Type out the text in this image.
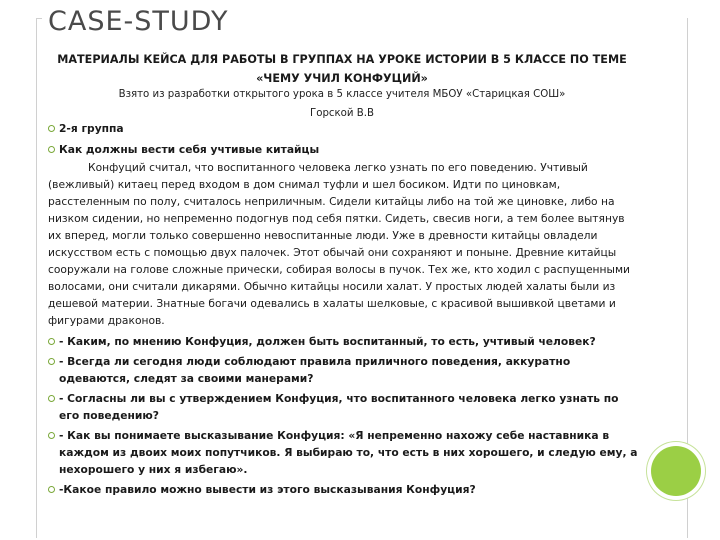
CASE-STUDY
МАТЕРИАЛЫ КЕЙСА ДЛЯ РАБОТЫ В ГРУППАХ НА УРОКЕ ИСТОРИИ В 5 КЛАССЕ ПО ТЕМЕ «ЧЕМУ УЧИЛ КОНФУЦИЙ»
Взято из разработки открытого урока в 5 классе учителя МБОУ «Старицкая СОШ»
Горской В.В
2-я группа
Как должны вести себя учтивые китайцы

Конфуций считал, что воспитанного человека легко узнать по его поведению. Учтивый (вежливый) китаец перед входом в дом снимал туфли и шел босиком. Идти по циновкам, расстеленным по полу, считалось неприличным. Сидели китайцы либо на той же циновке, либо на низком сидении, но непременно подогнув под себя пятки. Сидеть, свесив ноги, а тем более вытянув их вперед, могли только совершенно невоспитанные люди. Уже в древности китайцы овладели искусством есть с помощью двух палочек. Этот обычай они сохраняют и поныне. Древние китайцы сооружали на голове сложные прически, собирая волосы в пучок. Тех же, кто ходил с распущенными волосами, они считали дикарями. Обычно китайцы носили халат. У простых людей халаты были из дешевой материи. Знатные богачи одевались в халаты шелковые, с красивой вышивкой цветами и фигурами драконов.

- Каким, по мнению Конфуция, должен быть воспитанный, то есть, учтивый человек?
- Всегда ли сегодня люди соблюдают правила приличного поведения, аккуратно одеваются, следят за своими манерами?
- Согласны ли вы с утверждением Конфуция, что воспитанного человека легко узнать по его поведению?
- Как вы понимаете высказывание Конфуция: «Я непременно нахожу себе наставника в каждом из двоих моих попутчиков. Я выбираю то, что есть в них хорошего, и следую ему, а нехорошего у них я избегаю».
-Какое правило можно вывести из этого высказывания Конфуция?
